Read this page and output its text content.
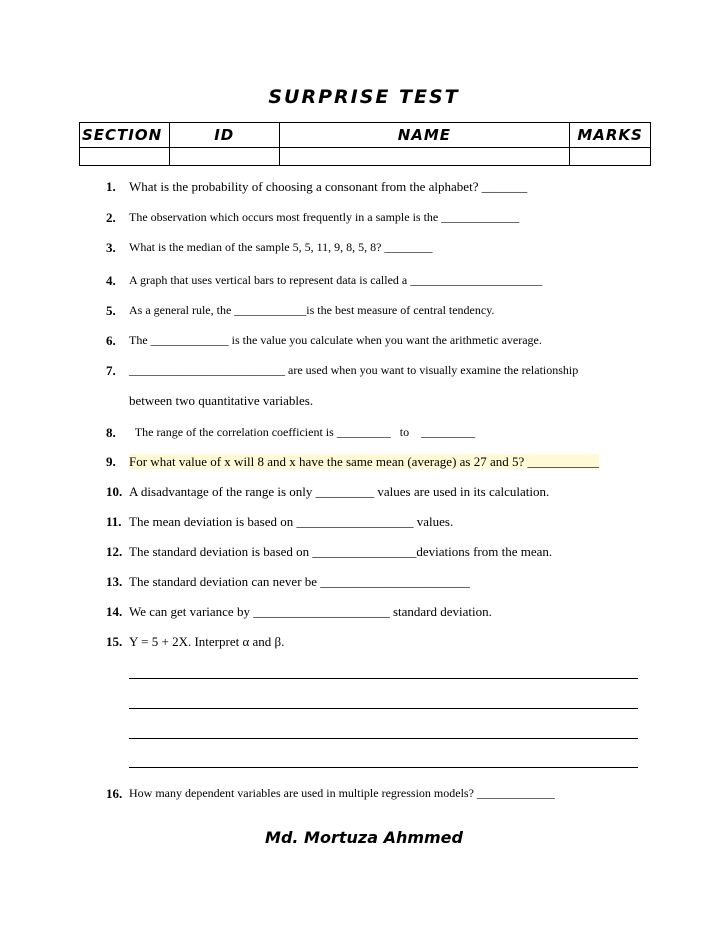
SURPRISE TEST
SECTION	ID	NAME	MARKS

1. What is the probability of choosing a consonant from the alphabet? _______
2. The observation which occurs most frequently in a sample is the _____________
3. What is the median of the sample 5, 5, 11, 9, 8, 5, 8? ________
4. A graph that uses vertical bars to represent data is called a ______________________
5. As a general rule, the ____________is the best measure of central tendency.
6. The _____________ is the value you calculate when you want the arithmetic average.
7. __________________________ are used when you want to visually examine the relationship
between two quantitative variables.
8. The range of the correlation coefficient is _________   to    _________
9. For what value of x will 8 and x have the same mean (average) as 27 and 5? ___________
10. A disadvantage of the range is only _________ values are used in its calculation.
11. The mean deviation is based on __________________ values.
12. The standard deviation is based on ________________deviations from the mean.
13. The standard deviation can never be _______________________
14. We can get variance by _____________________ standard deviation.
15. Y = 5 + 2X. Interpret α and β.
16. How many dependent variables are used in multiple regression models? _____________
Md. Mortuza Ahmmed
